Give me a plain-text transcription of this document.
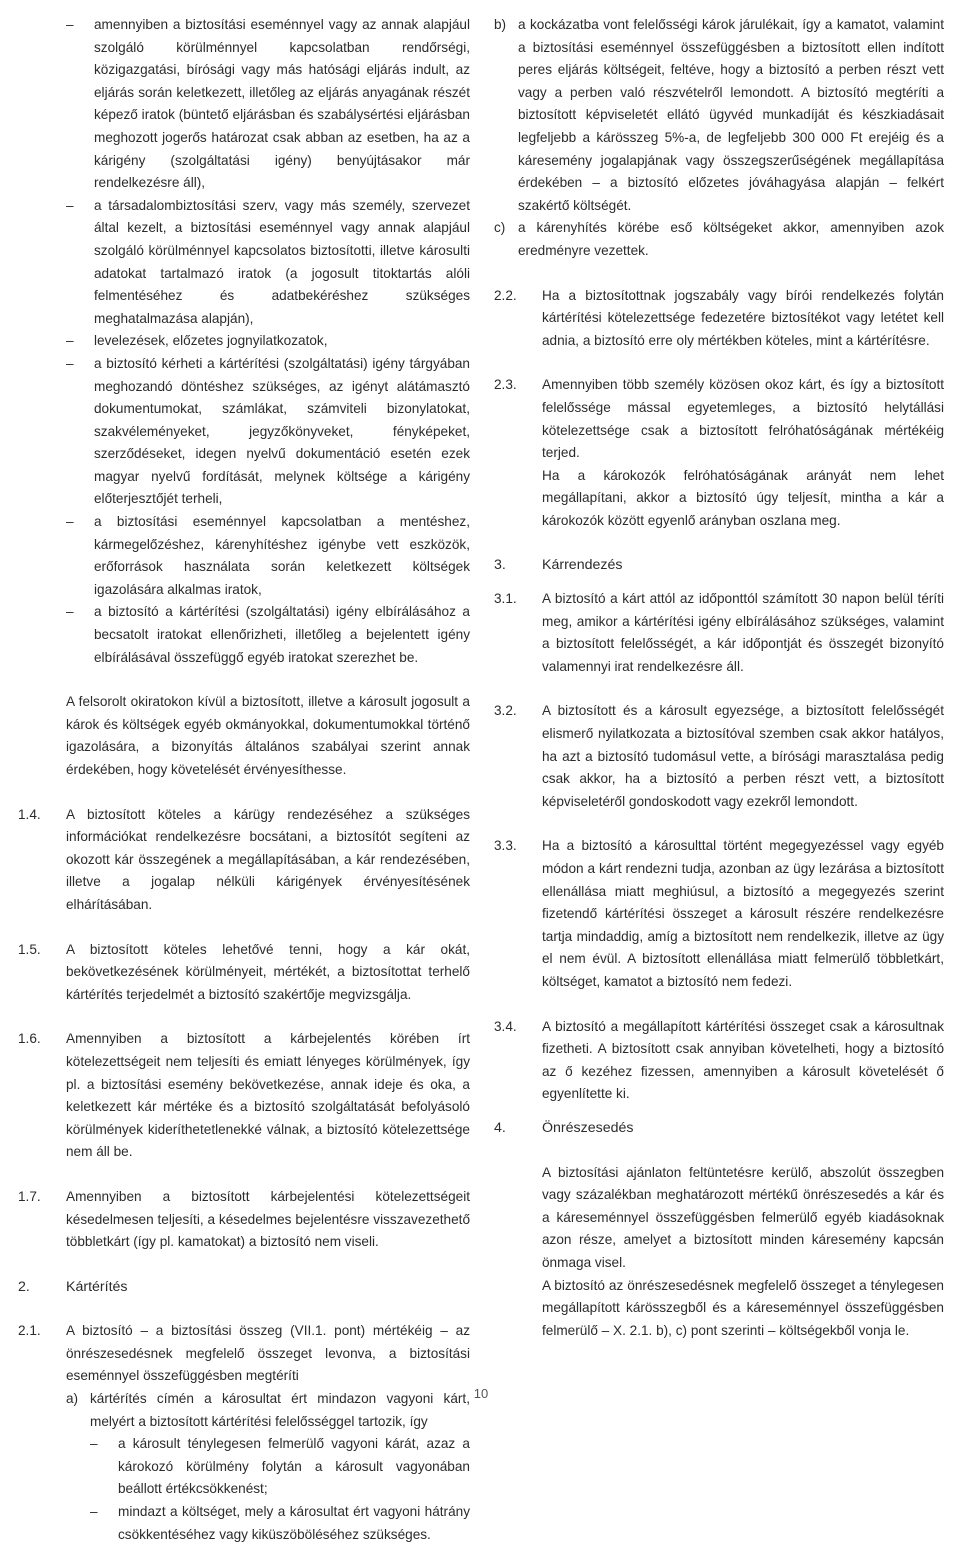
–	amennyiben a biztosítási eseménnyel vagy az annak alapjául szolgáló körülménnyel kapcsolatban rendőrségi, közigazgatási, bírósági vagy más hatósági eljárás indult, az eljárás során keletkezett, illetőleg az eljárás anyagának részét képező iratok (büntető eljárásban és szabálysértési eljárásban meghozott jogerős határozat csak abban az esetben, ha az a kárigény (szolgáltatási igény) benyújtásakor már rendelkezésre áll),
–	a társadalombiztosítási szerv, vagy más személy, szervezet által kezelt, a biztosítási eseménnyel vagy annak alapjául szolgáló körülménnyel kapcsolatos biztosítotti, illetve károsulti adatokat tartalmazó iratok (a jogosult titoktartás alóli felmentéséhez és adatbekéréshez szükséges meghatalmazása alapján),
–	levelezések, előzetes jognyilatkozatok,
–	a biztosító kérheti a kártérítési (szolgáltatási) igény tárgyában meghozandó döntéshez szükséges, az igényt alátámasztó dokumentumokat, számlákat, számviteli bizonylatokat, szakvéleményeket, jegyzőkönyveket, fényképeket, szerződéseket, idegen nyelvű dokumentáció esetén ezek magyar nyelvű fordítását, melynek költsége a kárigény előterjesztőjét terheli,
–	a biztosítási eseménnyel kapcsolatban a mentéshez, kármegelőzéshez, kárenyhítéshez igénybe vett eszközök, erőforrások használata során keletkezett költségek igazolására alkalmas iratok,
–	a biztosító a kártérítési (szolgáltatási) igény elbírálásához a becsatolt iratokat ellenőrizheti, illetőleg a bejelentett igény elbírálásával összefüggő egyéb iratokat szerezhet be.
A felsorolt okiratokon kívül a biztosított, illetve a károsult jogosult a károk és költségek egyéb okmányokkal, dokumentumokkal történő igazolására, a bizonyítás általános szabályai szerint annak érdekében, hogy követelését érvényesíthesse.
1.4.	A biztosított köteles a kárügy rendezéséhez a szükséges információkat rendelkezésre bocsátani, a biztosítót segíteni az okozott kár összegének a megállapításában, a kár rendezésében, illetve a jogalap nélküli kárigények érvényesítésének elhárításában.
1.5.	A biztosított köteles lehetővé tenni, hogy a kár okát, bekövetkezésének körülményeit, mértékét, a biztosítottat terhelő kártérítés terjedelmét a biztosító szakértője megvizsgálja.
1.6.	Amennyiben a biztosított a kárbejelentés körében írt kötelezettségeit nem teljesíti és emiatt lényeges körülmények, így pl. a biztosítási esemény bekövetkezése, annak ideje és oka, a keletkezett kár mértéke és a biztosító szolgáltatását befolyásoló körülmények kideríthetetlenekké válnak, a biztosító kötelezettsége nem áll be.
1.7.	Amennyiben a biztosított kárbejelentési kötelezettségeit késedelmesen teljesíti, a késedelmes bejelentésre visszavezethető többletkárt (így pl. kamatokat) a biztosító nem viseli.
2.	Kártérítés
2.1.	A biztosító – a biztosítási összeg (VII.1. pont) mértékéig – az önrészesedésnek megfelelő összeget levonva, a biztosítási eseménnyel összefüggésben megtéríti
a) kártérítés címén a károsultat ért mindazon vagyoni kárt, melyért a biztosított kártérítési felelősséggel tartozik, így
–	a károsult ténylegesen felmerülő vagyoni kárát, azaz a károkozó körülmény folytán a károsult vagyonában beállott értékcsökkenést;
–	mindazt a költséget, mely a károsultat ért vagyoni hátrány csökkentéséhez vagy kiküszöböléséhez szükséges.
b) a kockázatba vont felelősségi károk járulékait, így a kamatot, valamint a biztosítási eseménnyel összefüggésben a biztosított ellen indított peres eljárás költségeit, feltéve, hogy a biztosító a perben részt vett vagy a perben való részvételről lemondott. A biztosító megtéríti a biztosított képviseletét ellátó ügyvéd munkadíját és készkiadásait legfeljebb a kárösszeg 5%-a, de legfeljebb 300 000 Ft erejéig és a káresemény jogalapjának vagy összegszerűségének megállapítása érdekében – a biztosító előzetes jóváhagyása alapján – felkért szakértő költségét.
c) a kárenyhítés körébe eső költségeket akkor, amennyiben azok eredményre vezettek.
2.2.	Ha a biztosítottnak jogszabály vagy bírói rendelkezés folytán kártérítési kötelezettsége fedezetére biztosítékot vagy letétet kell adnia, a biztosító erre oly mértékben köteles, mint a kártérítésre.
2.3.	Amennyiben több személy közösen okoz kárt, és így a biztosított felelőssége mással egyetemleges, a biztosító helytállási kötelezettsége csak a biztosított felróhatóságának mértékéig terjed.
Ha a károkozók felróhatóságának arányát nem lehet megállapítani, akkor a biztosító úgy teljesít, mintha a kár a károkozók között egyenlő arányban oszlana meg.
3.	Kárrendezés
3.1.	A biztosító a kárt attól az időponttól számított 30 napon belül téríti meg, amikor a kártérítési igény elbírálásához szükséges, valamint a biztosított felelősségét, a kár időpontját és összegét bizonyító valamennyi irat rendelkezésre áll.
3.2.	A biztosított és a károsult egyezsége, a biztosított felelősségét elismerő nyilatkozata a biztosítóval szemben csak akkor hatályos, ha azt a biztosító tudomásul vette, a bírósági marasztalása pedig csak akkor, ha a biztosító a perben részt vett, a biztosított képviseletéről gondoskodott vagy ezekről lemondott.
3.3.	Ha a biztosító a károsulttal történt megegyezéssel vagy egyéb módon a kárt rendezni tudja, azonban az ügy lezárása a biztosított ellenállása miatt meghiúsul, a biztosító a megegyezés szerint fizetendő kártérítési összeget a károsult részére rendelkezésre tartja mindaddig, amíg a biztosított nem rendelkezik, illetve az ügy el nem évül. A biztosított ellenállása miatt felmerülő többletkárt, költséget, kamatot a biztosító nem fedezi.
3.4.	A biztosító a megállapított kártérítési összeget csak a károsultnak fizetheti. A biztosított csak annyiban követelheti, hogy a biztosító az ő kezéhez fizessen, amennyiben a károsult követelését ő egyenlítette ki.
4.	Önrészesedés
A biztosítási ajánlaton feltüntetésre kerülő, abszolút összegben vagy százalékban meghatározott mértékű önrészesedés a kár és a káreseménnyel összefüggésben felmerülő egyéb kiadásoknak azon része, amelyet a biztosított minden káresemény kapcsán önmaga visel.
A biztosító az önrészesedésnek megfelelő összeget a ténylegesen megállapított kárösszegből és a káreseménnyel összefüggésben felmerülő – X. 2.1. b), c) pont szerinti – költségekből vonja le.
10
